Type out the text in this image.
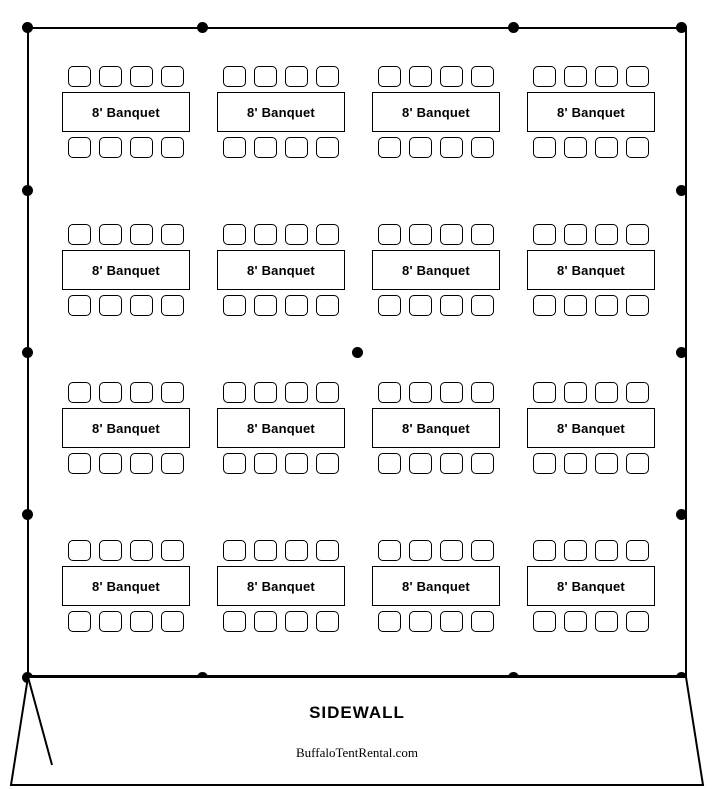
8' Banquet	8' Banquet	8' Banquet	8' Banquet
8' Banquet	8' Banquet	8' Banquet	8' Banquet
8' Banquet	8' Banquet	8' Banquet	8' Banquet
8' Banquet	8' Banquet	8' Banquet	8' Banquet
SIDEWALL
BuffaloTentRental.com
